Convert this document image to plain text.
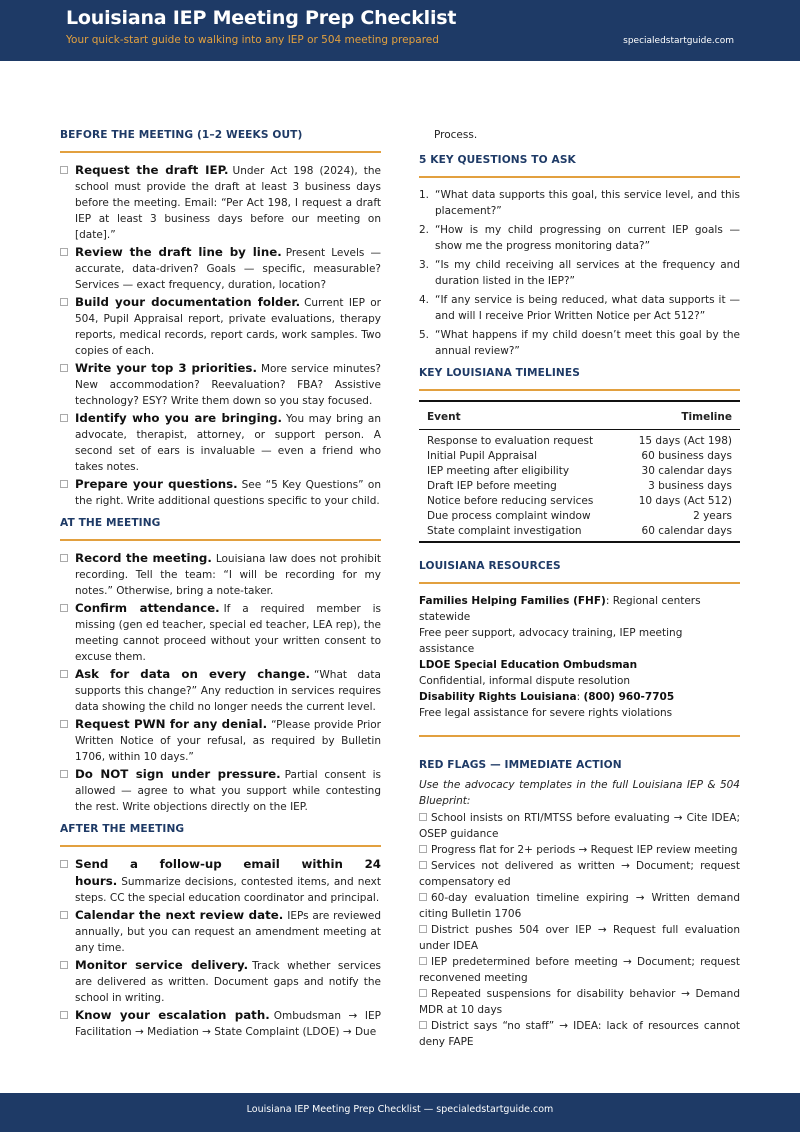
Louisiana IEP Meeting Prep Checklist
Your quick-start guide to walking into any IEP or 504 meeting prepared	specialedstartguide.com
BEFORE THE MEETING (1–2 WEEKS OUT)
Request the draft IEP. Under Act 198 (2024), the school must provide the draft at least 3 business days before the meeting. Email: “Per Act 198, I request a draft IEP at least 3 business days before our meeting on [date].”
Review the draft line by line. Present Levels — accurate, data-driven? Goals — specific, measurable? Services — exact frequency, duration, location?
Build your documentation folder. Current IEP or 504, Pupil Appraisal report, private evaluations, therapy reports, medical records, report cards, work samples. Two copies of each.
Write your top 3 priorities. More service minutes? New accommodation? Reevaluation? FBA? Assistive technology? ESY? Write them down so you stay focused.
Identify who you are bringing. You may bring an advocate, therapist, attorney, or support person. A second set of ears is invaluable — even a friend who takes notes.
Prepare your questions. See “5 Key Questions” on the right. Write additional questions specific to your child.
AT THE MEETING
Record the meeting. Louisiana law does not prohibit recording. Tell the team: “I will be recording for my notes.” Otherwise, bring a note-taker.
Confirm attendance. If a required member is missing (gen ed teacher, special ed teacher, LEA rep), the meeting cannot proceed without your written consent to excuse them.
Ask for data on every change. “What data supports this change?” Any reduction in services requires data showing the child no longer needs the current level.
Request PWN for any denial. “Please provide Prior Written Notice of your refusal, as required by Bulletin 1706, within 10 days.”
Do NOT sign under pressure. Partial consent is allowed — agree to what you support while contesting the rest. Write objections directly on the IEP.
AFTER THE MEETING
Send a follow-up email within 24 hours. Summarize decisions, contested items, and next steps. CC the special education coordinator and principal.
Calendar the next review date. IEPs are reviewed annually, but you can request an amendment meeting at any time.
Monitor service delivery. Track whether services are delivered as written. Document gaps and notify the school in writing.
Know your escalation path. Ombudsman → IEP Facilitation → Mediation → State Complaint (LDOE) → Due
Process.
5 KEY QUESTIONS TO ASK
1. “What data supports this goal, this service level, and this placement?”
2. “How is my child progressing on current IEP goals — show me the progress monitoring data?”
3. “Is my child receiving all services at the frequency and duration listed in the IEP?”
4. “If any service is being reduced, what data supports it — and will I receive Prior Written Notice per Act 512?”
5. “What happens if my child doesn’t meet this goal by the annual review?”
KEY LOUISIANA TIMELINES
Event	Timeline
Response to evaluation request	15 days (Act 198)
Initial Pupil Appraisal	60 business days
IEP meeting after eligibility	30 calendar days
Draft IEP before meeting	3 business days
Notice before reducing services	10 days (Act 512)
Due process complaint window	2 years
State complaint investigation	60 calendar days
LOUISIANA RESOURCES

Families Helping Families (FHF): Regional centers statewide

Free peer support, advocacy training, IEP meeting assistance

LDOE Special Education Ombudsman

Confidential, informal dispute resolution

Disability Rights Louisiana: (800) 960-7705

Free legal assistance for severe rights violations

RED FLAGS — IMMEDIATE ACTION

Use the advocacy templates in the full Louisiana IEP & 504 Blueprint:

School insists on RTI/MTSS before evaluating → Cite IDEA; OSEP guidance

Progress flat for 2+ periods → Request IEP review meeting

Services not delivered as written → Document; request compensatory ed

60-day evaluation timeline expiring → Written demand citing Bulletin 1706

District pushes 504 over IEP → Request full evaluation under IDEA

IEP predetermined before meeting → Document; request reconvened meeting

Repeated suspensions for disability behavior → Demand MDR at 10 days

District says “no staff” → IDEA: lack of resources cannot deny FAPE

Louisiana IEP Meeting Prep Checklist — specialedstartguide.com
